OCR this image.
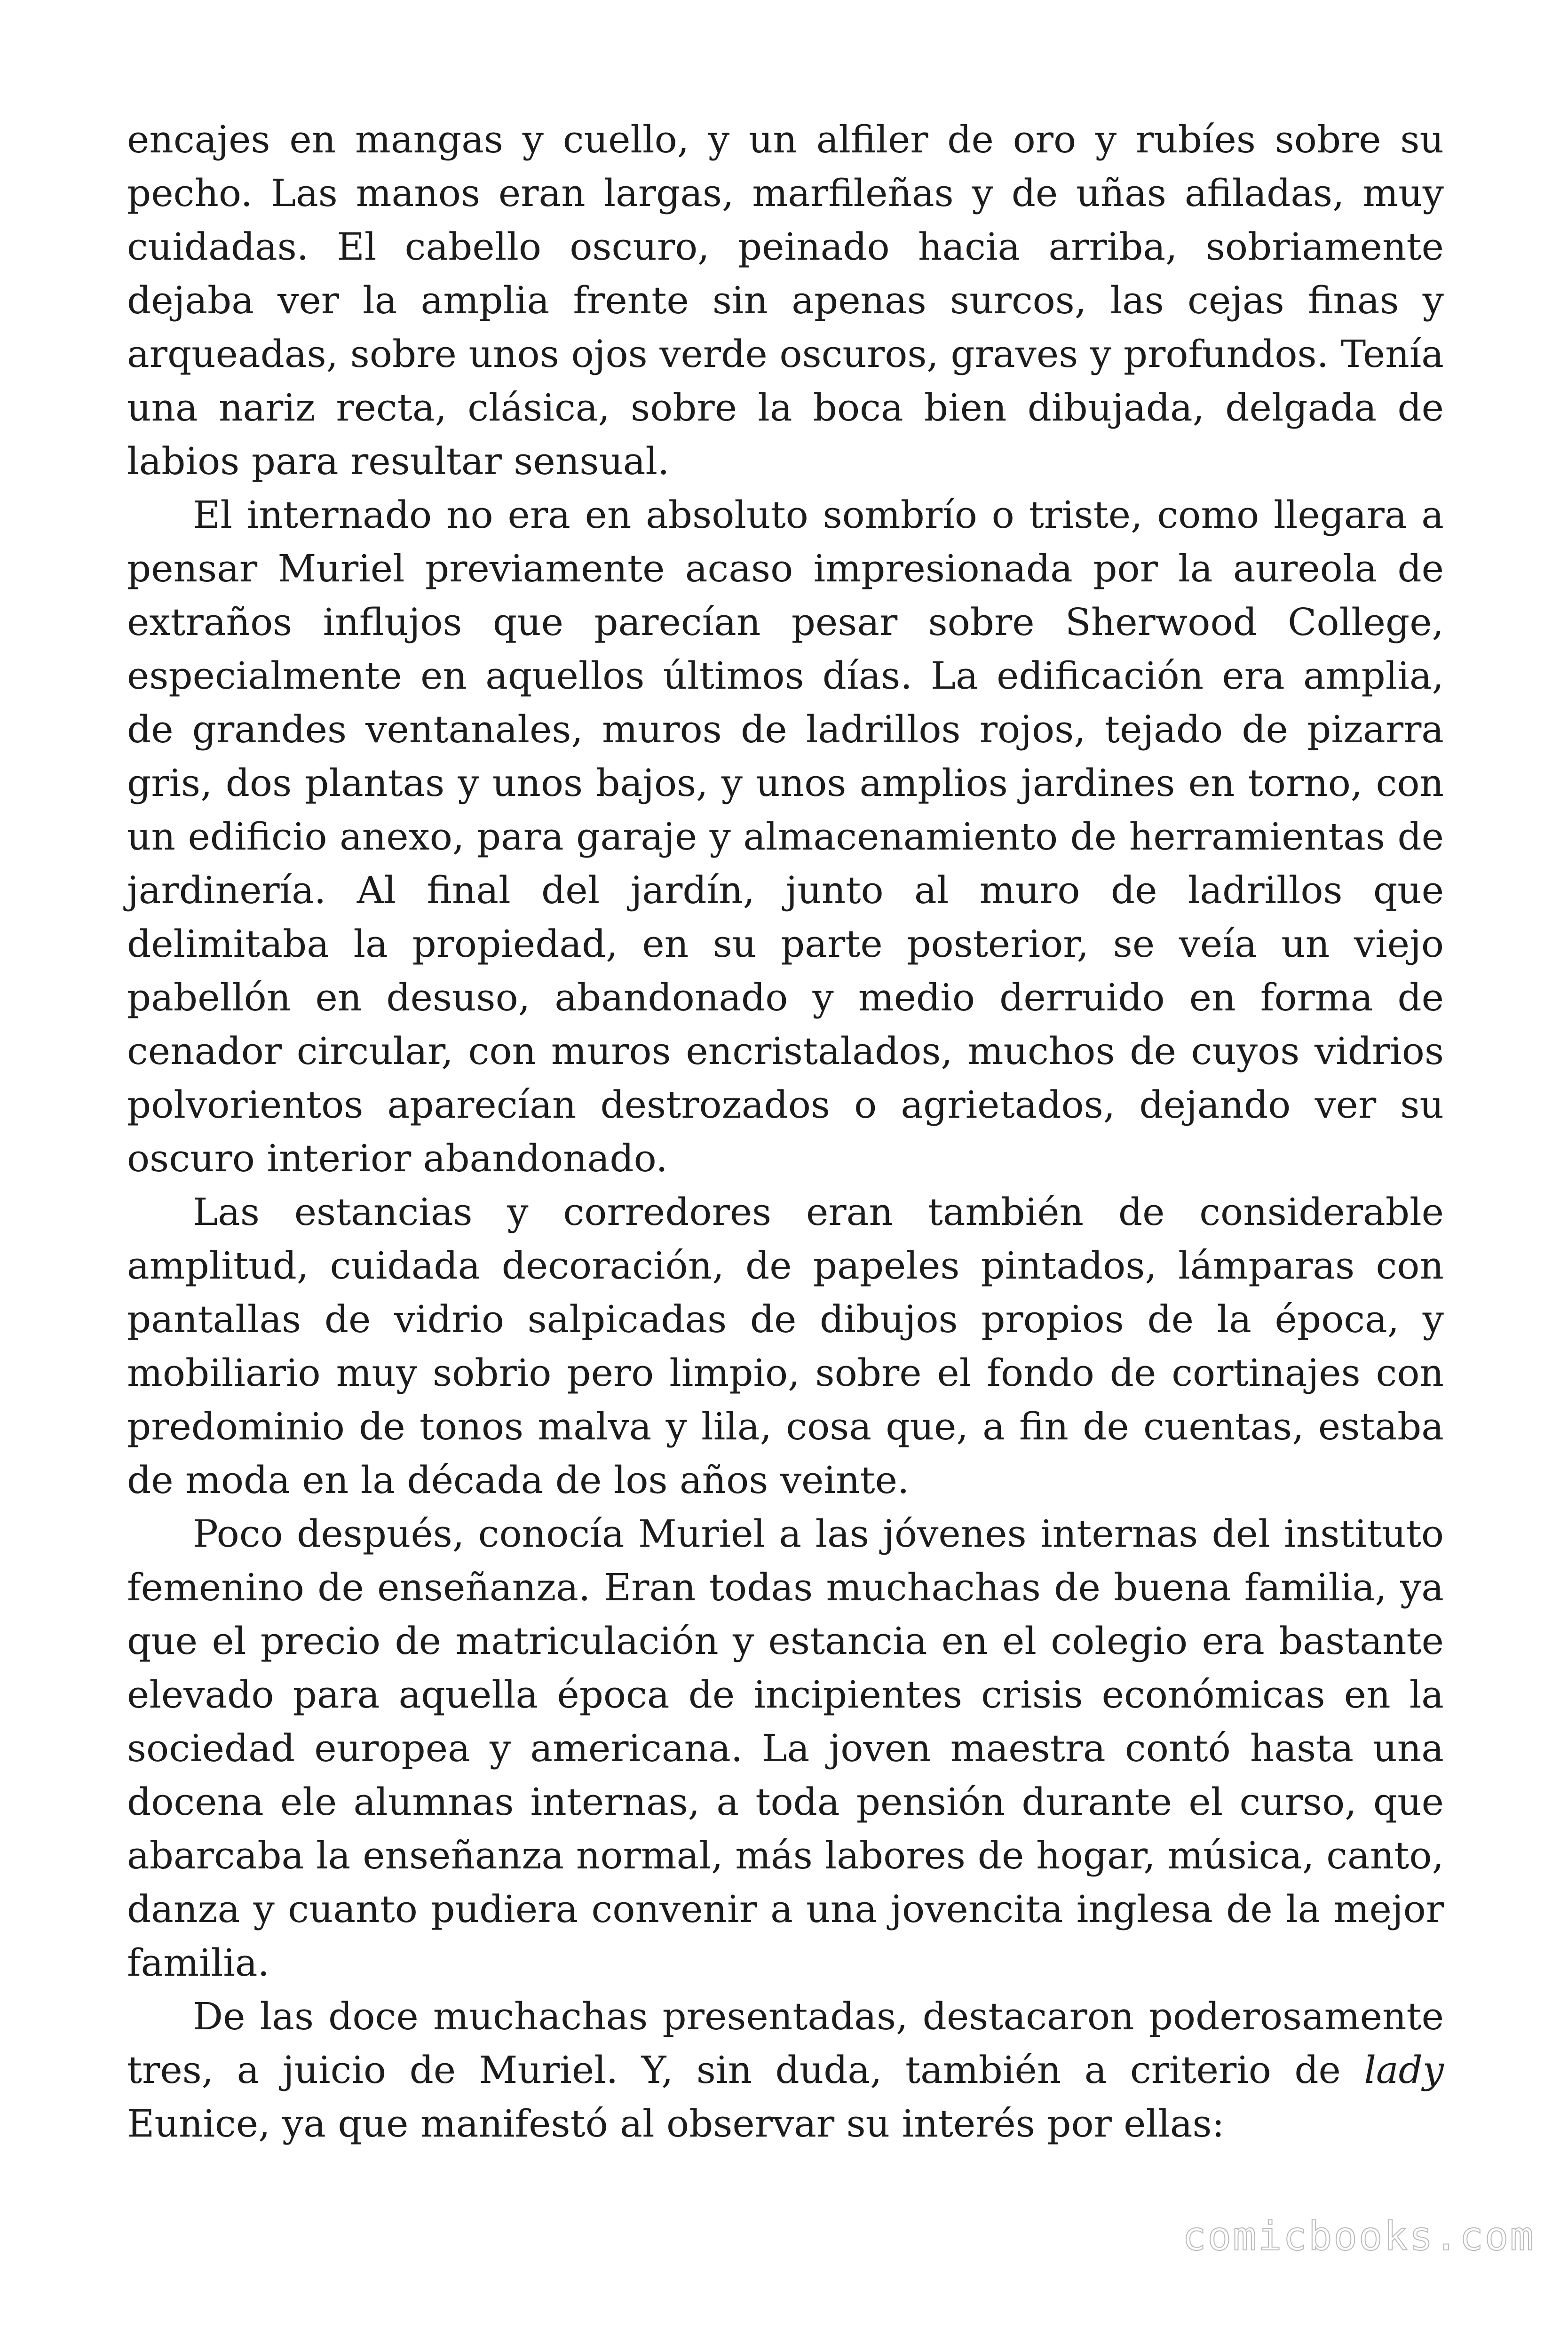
encajes en mangas y cuello, y un alfiler de oro y rubíes sobre su pecho. Las manos eran largas, marfileñas y de uñas afiladas, muy cuidadas. El cabello oscuro, peinado hacia arriba, sobriamente dejaba ver la amplia frente sin apenas surcos, las cejas finas y arqueadas, sobre unos ojos verde oscuros, graves y profundos. Tenía una nariz recta, clásica, sobre la boca bien dibujada, delgada de labios para resultar sensual.

El internado no era en absoluto sombrío o triste, como llegara a pensar Muriel previamente acaso impresionada por la aureola de extraños influjos que parecían pesar sobre Sherwood College, especialmente en aquellos últimos días. La edificación era amplia, de grandes ventanales, muros de ladrillos rojos, tejado de pizarra gris, dos plantas y unos bajos, y unos amplios jardines en torno, con un edificio anexo, para garaje y almacenamiento de herramientas de jardinería. Al final del jardín, junto al muro de ladrillos que delimitaba la propiedad, en su parte posterior, se veía un viejo pabellón en desuso, abandonado y medio derruido en forma de cenador circular, con muros encristalados, muchos de cuyos vidrios polvorientos aparecían destrozados o agrietados, dejando ver su oscuro interior abandonado.

Las estancias y corredores eran también de considerable amplitud, cuidada decoración, de papeles pintados, lámparas con pantallas de vidrio salpicadas de dibujos propios de la época, y mobiliario muy sobrio pero limpio, sobre el fondo de cortinajes con predominio de tonos malva y lila, cosa que, a fin de cuentas, estaba de moda en la década de los años veinte.

Poco después, conocía Muriel a las jóvenes internas del instituto femenino de enseñanza. Eran todas muchachas de buena familia, ya que el precio de matriculación y estancia en el colegio era bastante elevado para aquella época de incipientes crisis económicas en la sociedad europea y americana. La joven maestra contó hasta una docena ele alumnas internas, a toda pensión durante el curso, que abarcaba la enseñanza normal, más labores de hogar, música, canto, danza y cuanto pudiera convenir a una jovencita inglesa de la mejor familia.

De las doce muchachas presentadas, destacaron poderosamente tres, a juicio de Muriel. Y, sin duda, también a criterio de lady Eunice, ya que manifestó al observar su interés por ellas:

comicbooks.com
